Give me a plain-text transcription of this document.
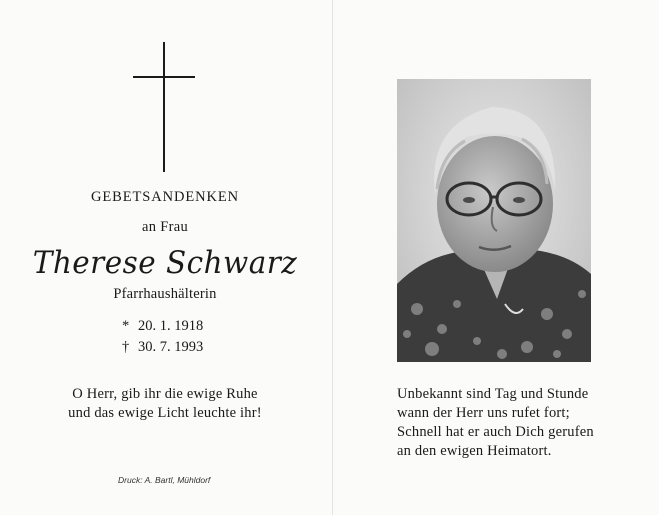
GEBETSANDENKEN
an Frau
Therese Schwarz
Pfarrhaushälterin
* 20. 1. 1918
† 30. 7. 1993
O Herr, gib ihr die ewige Ruhe
und das ewige Licht leuchte ihr!
Druck: A. Bartl, Mühldorf
Unbekannt sind Tag und Stunde
wann der Herr uns rufet fort;
Schnell hat er auch Dich gerufen
an den ewigen Heimatort.
